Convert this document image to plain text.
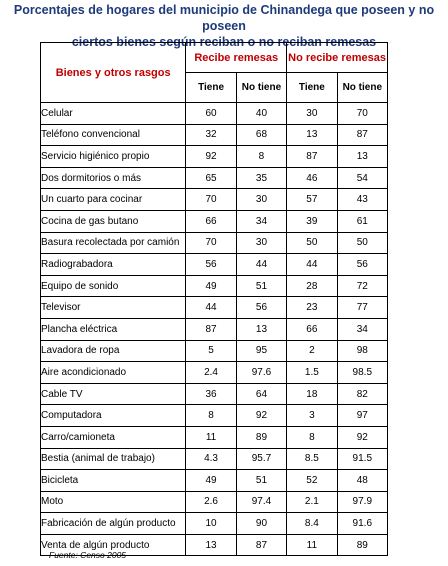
Porcentajes de hogares del municipio de Chinandega que poseen y no poseen
ciertos bienes según reciban o no reciban remesas
Bienes y otros rasgos	Recibe remesas		No recibe remesas	
	Tiene	No tiene	Tiene	No tiene
Celular	60	40	30	70
Teléfono convencional	32	68	13	87
Servicio higiénico propio	92	8	87	13
Dos dormitorios o más	65	35	46	54
Un cuarto para cocinar	70	30	57	43
Cocina de gas butano	66	34	39	61
Basura recolectada por camión	70	30	50	50
Radiograbadora	56	44	44	56
Equipo de sonido	49	51	28	72
Televisor	44	56	23	77
Plancha eléctrica	87	13	66	34
Lavadora de ropa	5	95	2	98
Aire acondicionado	2.4	97.6	1.5	98.5
Cable TV	36	64	18	82
Computadora	8	92	3	97
Carro/camioneta	11	89	8	92
Bestia (animal de trabajo)	4.3	95.7	8.5	91.5
Bicicleta	49	51	52	48
Moto	2.6	97.4	2.1	97.9
Fabricación de algún producto	10	90	8.4	91.6
Venta de algún producto	13	87	11	89
Fuente: Censo 2005
